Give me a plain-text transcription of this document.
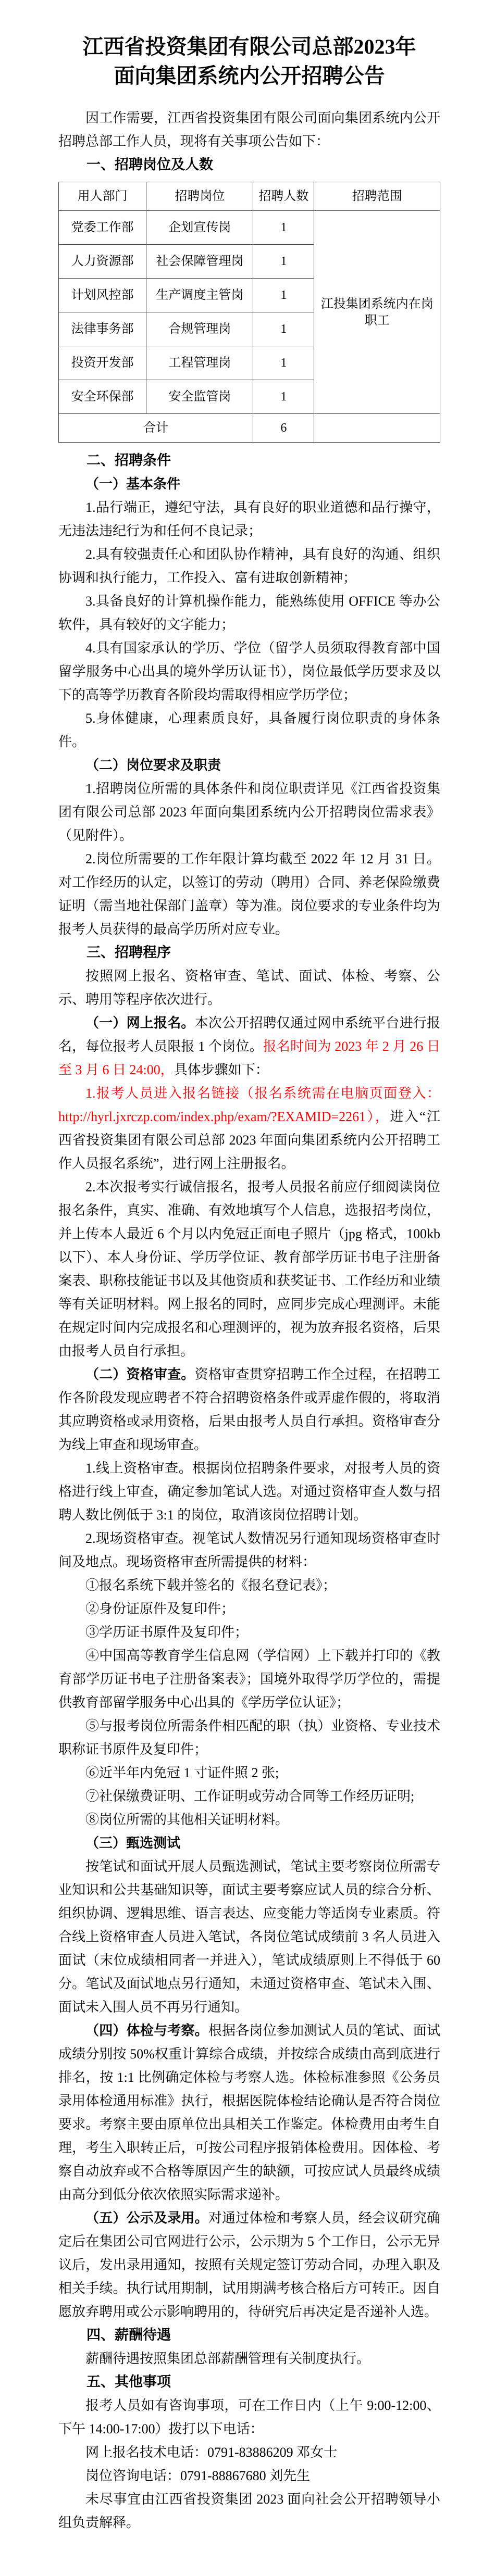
江西省投资集团有限公司总部2023年面向集团系统内公开招聘公告

因工作需要，江西省投资集团有限公司面向集团系统内公开招聘总部工作人员，现将有关事项公告如下：

一、招聘岗位及人数
用人部门	招聘岗位	招聘人数	招聘范围
党委工作部	企划宣传岗	1	江投集团系统内在岗职工
人力资源部	社会保障管理岗	1	
计划风控部	生产调度主管岗	1	
法律事务部	合规管理岗	1	
投资开发部	工程管理岗	1	
安全环保部	安全监管岗	1	
合计		6	
二、招聘条件
（一）基本条件

1.品行端正，遵纪守法，具有良好的职业道德和品行操守，无违法违纪行为和任何不良记录；

2.具有较强责任心和团队协作精神，具有良好的沟通、组织协调和执行能力，工作投入、富有进取创新精神；

3.具备良好的计算机操作能力，能熟练使用 OFFICE 等办公软件，具有较好的文字能力；

4.具有国家承认的学历、学位（留学人员须取得教育部中国留学服务中心出具的境外学历认证书），岗位最低学历要求及以下的高等学历教育各阶段均需取得相应学历学位；

5.身体健康，心理素质良好，具备履行岗位职责的身体条件。

（二）岗位要求及职责

1.招聘岗位所需的具体条件和岗位职责详见《江西省投资集团有限公司总部 2023 年面向集团系统内公开招聘岗位需求表》（见附件）。

2.岗位所需要的工作年限计算均截至 2022 年 12 月 31 日。对工作经历的认定，以签订的劳动（聘用）合同、养老保险缴费证明（需当地社保部门盖章）等为准。岗位要求的专业条件均为报考人员获得的最高学历所对应专业。

三、招聘程序

按照网上报名、资格审查、笔试、面试、体检、考察、公示、聘用等程序依次进行。

（一）网上报名。本次公开招聘仅通过网申系统平台进行报名，每位报考人员限报 1 个岗位。报名时间为 2023 年 2 月 26 日至 3 月 6 日 24:00，具体步骤如下：

1.报考人员进入报名链接（报名系统需在电脑页面登入：http://hyrl.jxrczp.com/index.php/exam/?EXAMID=2261），进入“江西省投资集团有限公司总部 2023 年面向集团系统内公开招聘工作人员报名系统”，进行网上注册报名。

2.本次报考实行诚信报名，报考人员报名前应仔细阅读岗位报名条件，真实、准确、有效地填写个人信息，选报招考岗位，并上传本人最近 6 个月以内免冠正面电子照片（jpg 格式，100kb 以下）、本人身份证、学历学位证、教育部学历证书电子注册备案表、职称技能证书以及其他资质和获奖证书、工作经历和业绩等有关证明材料。网上报名的同时，应同步完成心理测评。未能在规定时间内完成报名和心理测评的，视为放弃报名资格，后果由报考人员自行承担。

（二）资格审查。资格审查贯穿招聘工作全过程，在招聘工作各阶段发现应聘者不符合招聘资格条件或弄虚作假的，将取消其应聘资格或录用资格，后果由报考人员自行承担。资格审查分为线上审查和现场审查。

1.线上资格审查。根据岗位招聘条件要求，对报考人员的资格进行线上审查，确定参加笔试人选。对通过资格审查人数与招聘人数比例低于 3:1 的岗位，取消该岗位招聘计划。

2.现场资格审查。视笔试人数情况另行通知现场资格审查时间及地点。现场资格审查所需提供的材料：

①报名系统下载并签名的《报名登记表》；

②身份证原件及复印件；

③学历证书原件及复印件；

④中国高等教育学生信息网（学信网）上下载并打印的《教育部学历证书电子注册备案表》；国境外取得学历学位的，需提供教育部留学服务中心出具的《学历学位认证》；

⑤与报考岗位所需条件相匹配的职（执）业资格、专业技术职称证书原件及复印件；

⑥近半年内免冠 1 寸证件照 2 张;

⑦社保缴费证明、工作证明或劳动合同等工作经历证明;

⑧岗位所需的其他相关证明材料。

（三）甄选测试

按笔试和面试开展人员甄选测试，笔试主要考察岗位所需专业知识和公共基础知识等，面试主要考察应试人员的综合分析、组织协调、逻辑思维、语言表达、应变能力等适岗专业素质。符合线上资格审查人员进入笔试，各岗位笔试成绩前 3 名人员进入面试（末位成绩相同者一并进入），笔试成绩原则上不得低于 60 分。笔试及面试地点另行通知，未通过资格审查、笔试未入围、面试未入围人员不再另行通知。

（四）体检与考察。根据各岗位参加测试人员的笔试、面试成绩分别按 50%权重计算综合成绩，并按综合成绩由高到底进行排名，按 1:1 比例确定体检与考察人选。体检标准参照《公务员录用体检通用标准》执行，根据医院体检结论确认是否符合岗位要求。考察主要由原单位出具相关工作鉴定。体检费用由考生自理，考生入职转正后，可按公司程序报销体检费用。因体检、考察自动放弃或不合格等原因产生的缺额，可按应试人员最终成绩由高分到低分依次依照实际需求递补。

（五）公示及录用。对通过体检和考察人员，经会议研究确定后在集团公司官网进行公示，公示期为 5 个工作日，公示无异议后，发出录用通知，按照有关规定签订劳动合同，办理入职及相关手续。执行试用期制，试用期满考核合格后方可转正。因自愿放弃聘用或公示影响聘用的，待研究后再决定是否递补人选。

四、薪酬待遇

薪酬待遇按照集团总部薪酬管理有关制度执行。

五、其他事项

报考人员如有咨询事项，可在工作日内（上午 9:00-12:00、下午 14:00-17:00）拨打以下电话：

网上报名技术电话：0791-83886209 邓女士

岗位咨询电话：0791-88867680 刘先生

未尽事宜由江西省投资集团 2023 面向社会公开招聘领导小组负责解释。
